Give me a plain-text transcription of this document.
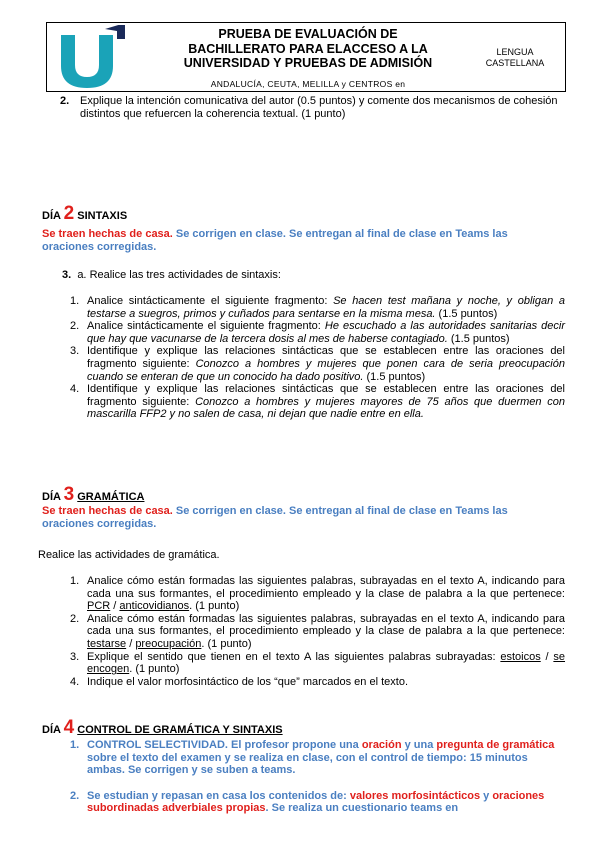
PRUEBA DE EVALUACIÓN DE
BACHILLERATO PARA ELACCESO A LA
UNIVERSIDAD Y PRUEBAS DE ADMISIÓN
ANDALUCÍA, CEUTA, MELILLA y CENTROS en
LENGUA
CASTELLANA
2. Explique la intención comunicativa del autor (0.5 puntos) y comente dos mecanismos de cohesión distintos que refuercen la coherencia textual. (1 punto)
DÍA 2 SINTAXIS
Se traen hechas de casa. Se corrigen en clase. Se entregan al final de clase en Teams las oraciones corregidas.
3. a. Realice las tres actividades de sintaxis:
1. Analice sintácticamente el siguiente fragmento: Se hacen test mañana y noche, y obligan a testarse a suegros, primos y cuñados para sentarse en la misma mesa. (1.5 puntos)
2. Analice sintácticamente el siguiente fragmento: He escuchado a las autoridades sanitarias decir que hay que vacunarse de la tercera dosis al mes de haberse contagiado. (1.5 puntos)
3. Identifique y explique las relaciones sintácticas que se establecen entre las oraciones del fragmento siguiente: Conozco a hombres y mujeres que ponen cara de seria preocupación cuando se enteran de que un conocido ha dado positivo. (1.5 puntos)
4. Identifique y explique las relaciones sintácticas que se establecen entre las oraciones del fragmento siguiente: Conozco a hombres y mujeres mayores de 75 años que duermen con mascarilla FFP2 y no salen de casa, ni dejan que nadie entre en ella.
DÍA 3 GRAMÁTICA
Se traen hechas de casa. Se corrigen en clase. Se entregan al final de clase en Teams las oraciones corregidas.
Realice las actividades de gramática.
1. Analice cómo están formadas las siguientes palabras, subrayadas en el texto A, indicando para cada una sus formantes, el procedimiento empleado y la clase de palabra a la que pertenece: PCR / anticovidianos. (1 punto)
2. Analice cómo están formadas las siguientes palabras, subrayadas en el texto A, indicando para cada una sus formantes, el procedimiento empleado y la clase de palabra a la que pertenece: testarse / preocupación. (1 punto)
3. Explique el sentido que tienen en el texto A las siguientes palabras subrayadas: estoicos / se encogen. (1 punto)
4. Indique el valor morfosintáctico de los “que” marcados en el texto.
DÍA 4 CONTROL DE GRAMÁTICA Y SINTAXIS
1. CONTROL SELECTIVIDAD. El profesor propone una oración y una pregunta de gramática sobre el texto del examen y se realiza en clase, con el control de tiempo: 15 minutos ambas. Se corrigen y se suben a teams.
2. Se estudian y repasan en casa los contenidos de: valores morfosintácticos y oraciones subordinadas adverbiales propias. Se realiza un cuestionario teams en
